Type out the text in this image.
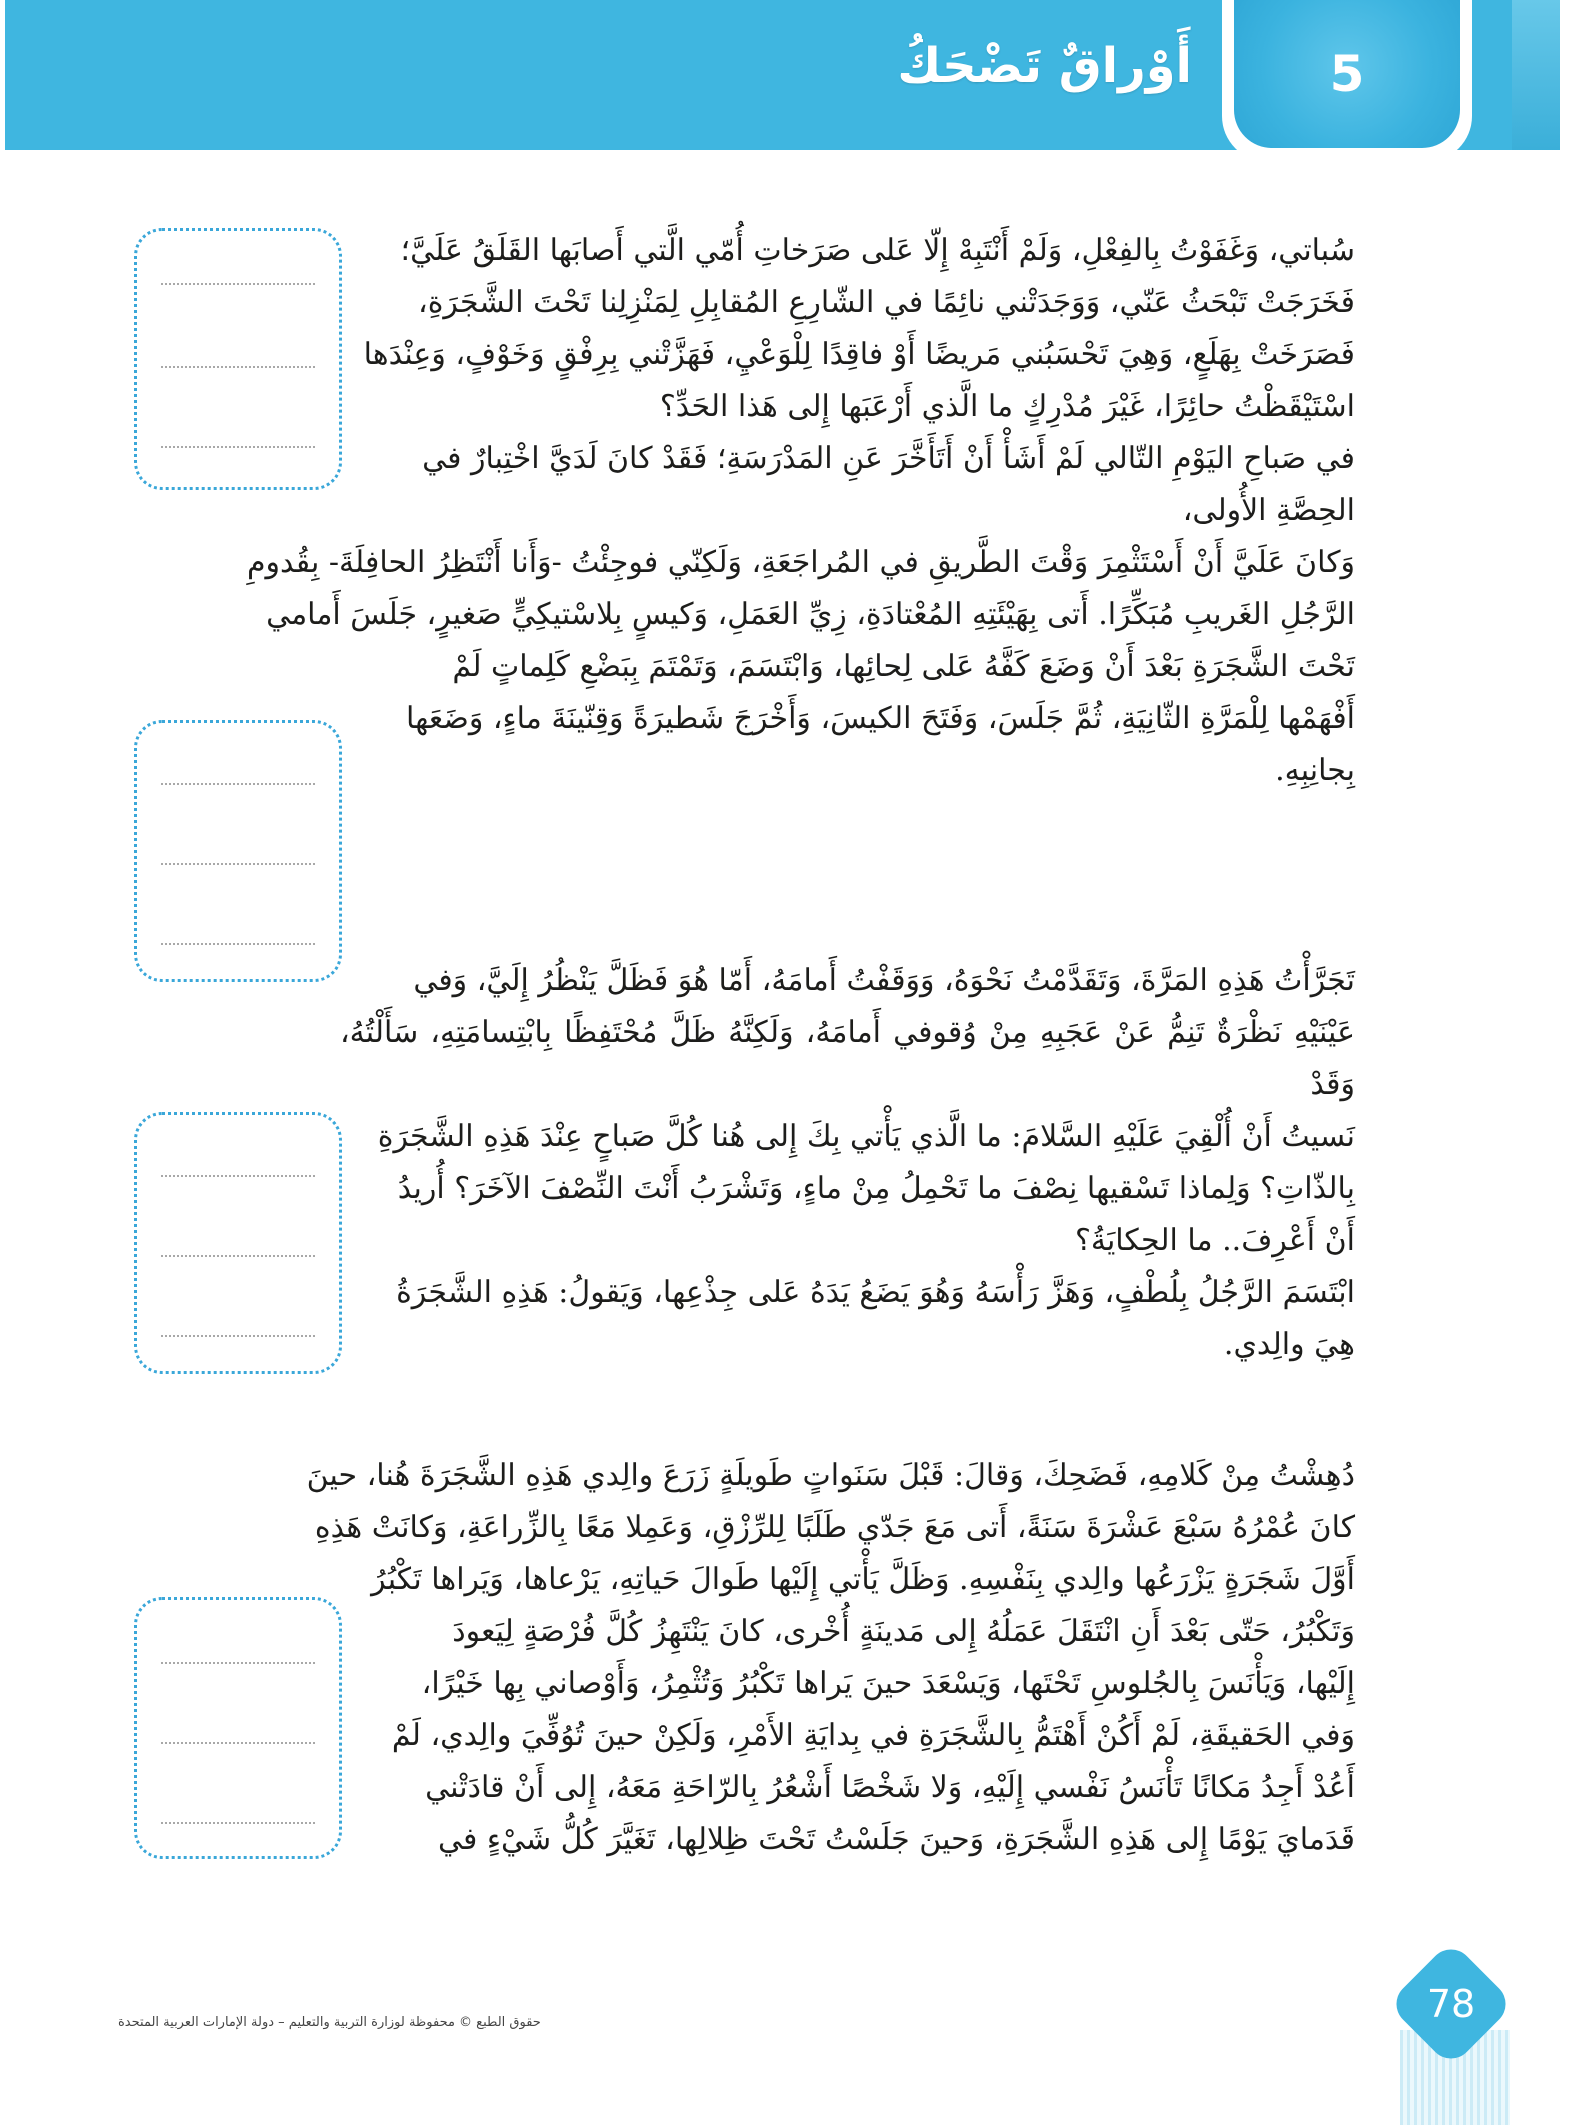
5
أَوْراقٌ تَضْحَكُ

سُباتي، وَغَفَوْتُ بِالفِعْلِ، وَلَمْ أَنْتَبِهْ إِلّا عَلى صَرَخاتِ أُمّي الَّتي أَصابَها القَلَقُ عَلَيَّ؛

فَخَرَجَتْ تَبْحَثُ عَنّي، وَوَجَدَتْني نائِمًا في الشّارِعِ المُقابِلِ لِمَنْزِلِنا تَحْتَ الشَّجَرَةِ،

فَصَرَخَتْ بِهَلَعٍ، وَهِيَ تَحْسَبُني مَريضًا أَوْ فاقِدًا لِلْوَعْيِ، فَهَزَّتْني بِرِفْقٍ وَخَوْفٍ، وَعِنْدَها

اسْتَيْقَظْتُ حائِرًا، غَيْرَ مُدْرِكٍ ما الَّذي أَرْعَبَها إِلى هَذا الحَدِّ؟

في صَباحِ اليَوْمِ التّالي لَمْ أَشَأْ أَنْ أَتَأَخَّرَ عَنِ المَدْرَسَةِ؛ فَقَدْ كانَ لَدَيَّ اخْتِبارٌ في

الحِصَّةِ الأُولى،

وَكانَ عَلَيَّ أَنْ أَسْتَثْمِرَ وَقْتَ الطَّريقِ في المُراجَعَةِ، وَلَكِنّي فوجِئْتُ -وَأَنا أَنْتَظِرُ الحافِلَةَ- بِقُدومِ

الرَّجُلِ الغَريبِ مُبَكِّرًا. أَتى بِهَيْئَتِهِ المُعْتادَةِ، زِيِّ العَمَلِ، وَكيسٍ بِلاسْتيكِيٍّ صَغيرٍ، جَلَسَ أَمامي

تَحْتَ الشَّجَرَةِ بَعْدَ أَنْ وَضَعَ كَفَّهُ عَلى لِحائِها، وَابْتَسَمَ، وَتَمْتَمَ بِبَضْعِ كَلِماتٍ لَمْ

أَفْهَمْها لِلْمَرَّةِ الثّانِيَةِ، ثُمَّ جَلَسَ، وَفَتَحَ الكيسَ، وَأَخْرَجَ شَطيرَةً وَقِنّينَةَ ماءٍ، وَضَعَها

بِجانِبِهِ.

تَجَرَّأْتُ هَذِهِ المَرَّةَ، وَتَقَدَّمْتُ نَحْوَهُ، وَوَقَفْتُ أَمامَهُ، أَمّا هُوَ فَظَلَّ يَنْظُرُ إِلَيَّ، وَفي

عَيْنَيْهِ نَظْرَةٌ تَنِمُّ عَنْ عَجَبِهِ مِنْ وُقوفي أَمامَهُ، وَلَكِنَّهُ ظَلَّ مُحْتَفِظًا بِابْتِسامَتِهِ، سَأَلْتُهُ، وَقَدْ

نَسيتُ أَنْ أُلْقِيَ عَلَيْهِ السَّلامَ: ما الَّذي يَأْتي بِكَ إِلى هُنا كُلَّ صَباحٍ عِنْدَ هَذِهِ الشَّجَرَةِ

بِالذّاتِ؟ وَلِماذا تَسْقيها نِصْفَ ما تَحْمِلُ مِنْ ماءٍ، وَتَشْرَبُ أَنْتَ النِّصْفَ الآخَرَ؟ أُريدُ

أَنْ أَعْرِفَ.. ما الحِكايَةُ؟

ابْتَسَمَ الرَّجُلُ بِلُطْفٍ، وَهَزَّ رَأْسَهُ وَهُوَ يَضَعُ يَدَهُ عَلى جِذْعِها، وَيَقولُ: هَذِهِ الشَّجَرَةُ

هِيَ والِدي.

دُهِشْتُ مِنْ كَلامِهِ، فَضَحِكَ، وَقالَ: قَبْلَ سَنَواتٍ طَويلَةٍ زَرَعَ والِدي هَذِهِ الشَّجَرَةَ هُنا، حينَ

كانَ عُمْرُهُ سَبْعَ عَشْرَةَ سَنَةً، أَتى مَعَ جَدّي طَلَبًا لِلرِّزْقِ، وَعَمِلا مَعًا بِالزِّراعَةِ، وَكانَتْ هَذِهِ

أَوَّلَ شَجَرَةٍ يَزْرَعُها والِدي بِنَفْسِهِ. وَظَلَّ يَأْتي إِلَيْها طَوالَ حَياتِهِ، يَرْعاها، وَيَراها تَكْبُرُ

وَتَكْبُرُ، حَتّى بَعْدَ أَنِ انْتَقَلَ عَمَلُهُ إِلى مَدينَةٍ أُخْرى، كانَ يَنْتَهِزُ كُلَّ فُرْصَةٍ لِيَعودَ

إِلَيْها، وَيَأْنَسَ بِالجُلوسِ تَحْتَها، وَيَسْعَدَ حينَ يَراها تَكْبُرُ وَتُثْمِرُ، وَأَوْصاني بِها خَيْرًا،

وَفي الحَقيقَةِ، لَمْ أَكُنْ أَهْتَمُّ بِالشَّجَرَةِ في بِدايَةِ الأَمْرِ، وَلَكِنْ حينَ تُوُفِّيَ والِدي، لَمْ

أَعُدْ أَجِدُ مَكانًا تَأْنَسُ نَفْسي إِلَيْهِ، وَلا شَخْصًا أَشْعُرُ بِالرّاحَةِ مَعَهُ، إِلى أَنْ قادَتْني

قَدَمايَ يَوْمًا إِلى هَذِهِ الشَّجَرَةِ، وَحينَ جَلَسْتُ تَحْتَ ظِلالِها، تَغَيَّرَ كُلُّ شَيْءٍ في

حقوق الطبع © محفوظة لوزارة التربية والتعليم – دولة الإمارات العربية المتحدة	78
